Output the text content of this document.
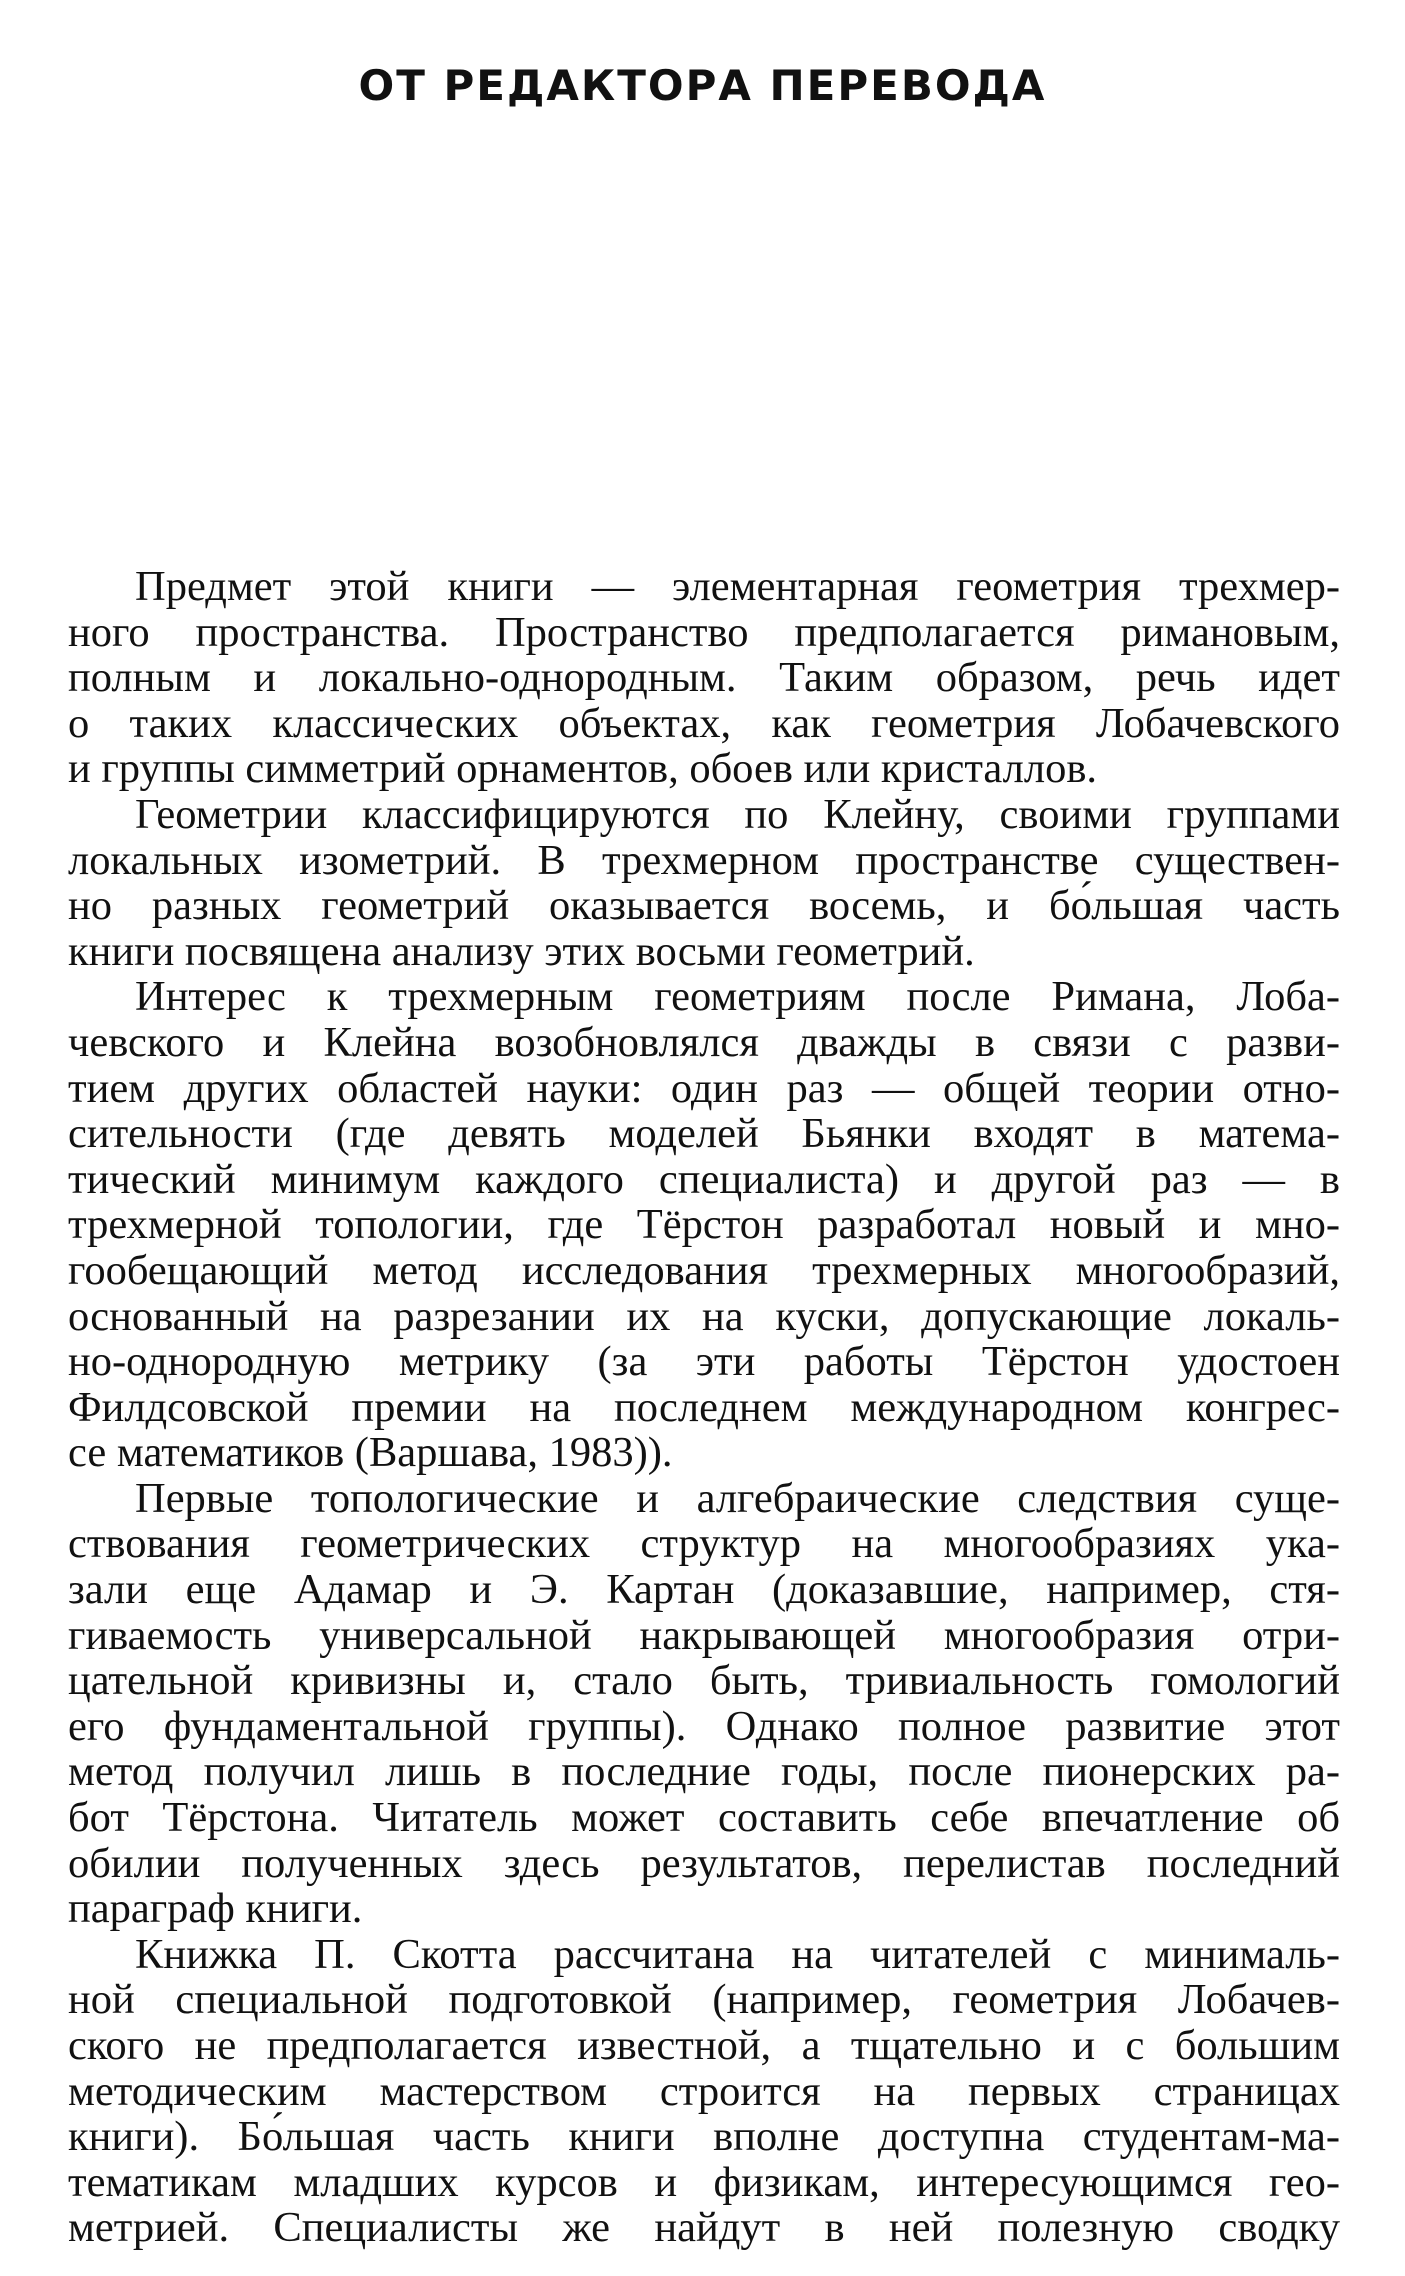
ОТ РЕДАКТОРА ПЕРЕВОДА
Предмет этой книги — элементарная геометрия трехмер-
ного пространства. Пространство предполагается римановым,
полным и локально-однородным. Таким образом, речь идет
о таких классических объектах, как геометрия Лобачевского
и группы симметрий орнаментов, обоев или кристаллов.
Геометрии классифицируются по Клейну, своими группами
локальных изометрий. В трехмерном пространстве существен-
но разных геометрий оказывается восемь, и бо́льшая часть
книги посвящена анализу этих восьми геометрий.
Интерес к трехмерным геометриям после Римана, Лоба-
чевского и Клейна возобновлялся дважды в связи с разви-
тием других областей науки: один раз — общей теории отно-
сительности (где девять моделей Бьянки входят в матема-
тический минимум каждого специалиста) и другой раз — в
трехмерной топологии, где Тёрстон разработал новый и мно-
гообещающий метод исследования трехмерных многообразий,
основанный на разрезании их на куски, допускающие локаль-
но-однородную метрику (за эти работы Тёрстон удостоен
Филдсовской премии на последнем международном конгрес-
се математиков (Варшава, 1983)).
Первые топологические и алгебраические следствия суще-
ствования геометрических структур на многообразиях ука-
зали еще Адамар и Э. Картан (доказавшие, например, стя-
гиваемость универсальной накрывающей многообразия отри-
цательной кривизны и, стало быть, тривиальность гомологий
его фундаментальной группы). Однако полное развитие этот
метод получил лишь в последние годы, после пионерских ра-
бот Тёрстона. Читатель может составить себе впечатление об
обилии полученных здесь результатов, перелистав последний
параграф книги.
Книжка П. Скотта рассчитана на читателей с минималь-
ной специальной подготовкой (например, геометрия Лобачев-
ского не предполагается известной, а тщательно и с большим
методическим мастерством строится на первых страницах
книги). Бо́льшая часть книги вполне доступна студентам-ма-
тематикам младших курсов и физикам, интересующимся гео-
метрией. Специалисты же найдут в ней полезную сводку
